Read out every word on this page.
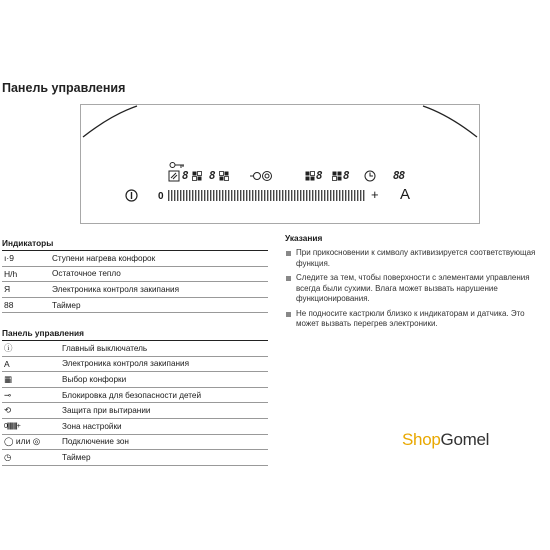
Панель управления
8 8	8 8	88
0	+ A
Индикаторы
ı·9	Ступени нагрева конфорок
H/h	Остаточное тепло
Я	Электроника контроля закипания
88	Таймер
Панель управления
ⓘ	Главный выключатель
A	Электроника контроля закипания
▦	Выбор конфорки
⊸	Блокировка для безопасности детей
⟲	Защита при вытирании
0||||||||||||+	Зона настройки
◯ или ◎	Подключение зон
◷	Таймер
Указания
При прикосновении к символу активизируется соответствующая функция.
Следите за тем, чтобы поверхности с элементами управления всегда были сухими. Влага может вызвать нарушение функционирования.
Не подносите кастрюли близко к индикаторам и датчика. Это может вызвать перегрев электроники.
ShopGomel
